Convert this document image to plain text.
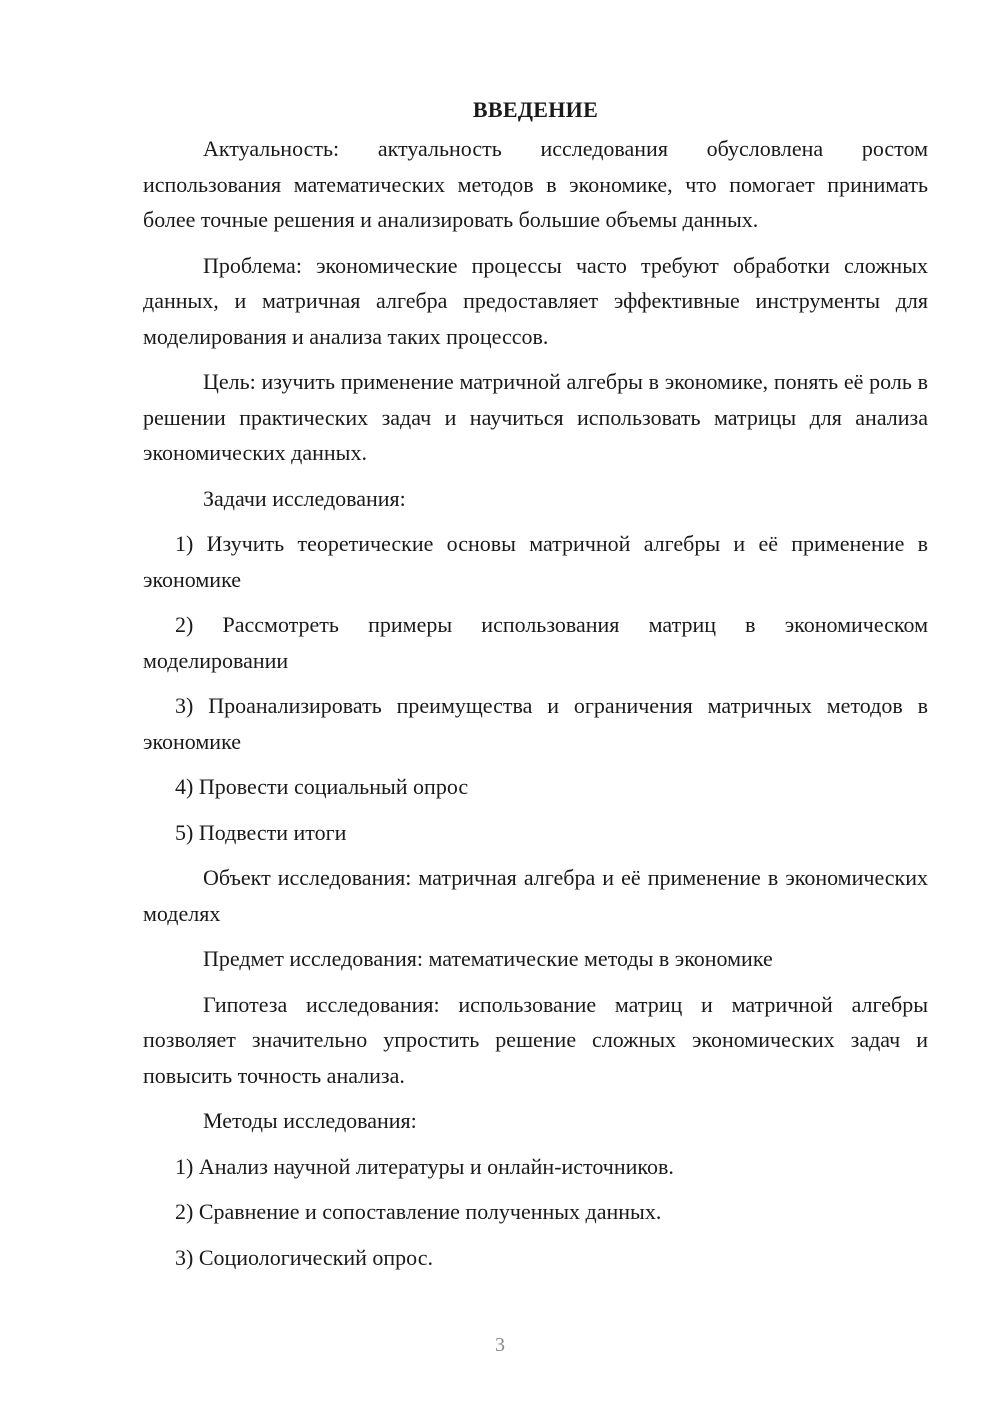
ВВЕДЕНИЕ

Актуальность: актуальность исследования обусловлена ростом использования математических методов в экономике, что помогает принимать более точные решения и анализировать большие объемы данных.

Проблема: экономические процессы часто требуют обработки сложных данных, и матричная алгебра предоставляет эффективные инструменты для моделирования и анализа таких процессов.

Цель: изучить применение матричной алгебры в экономике, понять её роль в решении практических задач и научиться использовать матрицы для анализа экономических данных.

Задачи исследования:

1) Изучить теоретические основы матричной алгебры и её применение в экономике

2) Рассмотреть примеры использования матриц в экономическом моделировании

3) Проанализировать преимущества и ограничения матричных методов в экономике

4) Провести социальный опрос

5) Подвести итоги

Объект исследования: матричная алгебра и её применение в экономических моделях

Предмет исследования: математические методы в экономике

Гипотеза исследования: использование матриц и матричной алгебры позволяет значительно упростить решение сложных экономических задач и повысить точность анализа.

Методы исследования:

1) Анализ научной литературы и онлайн-источников.

2) Сравнение и сопоставление полученных данных.

3) Социологический опрос.

3
